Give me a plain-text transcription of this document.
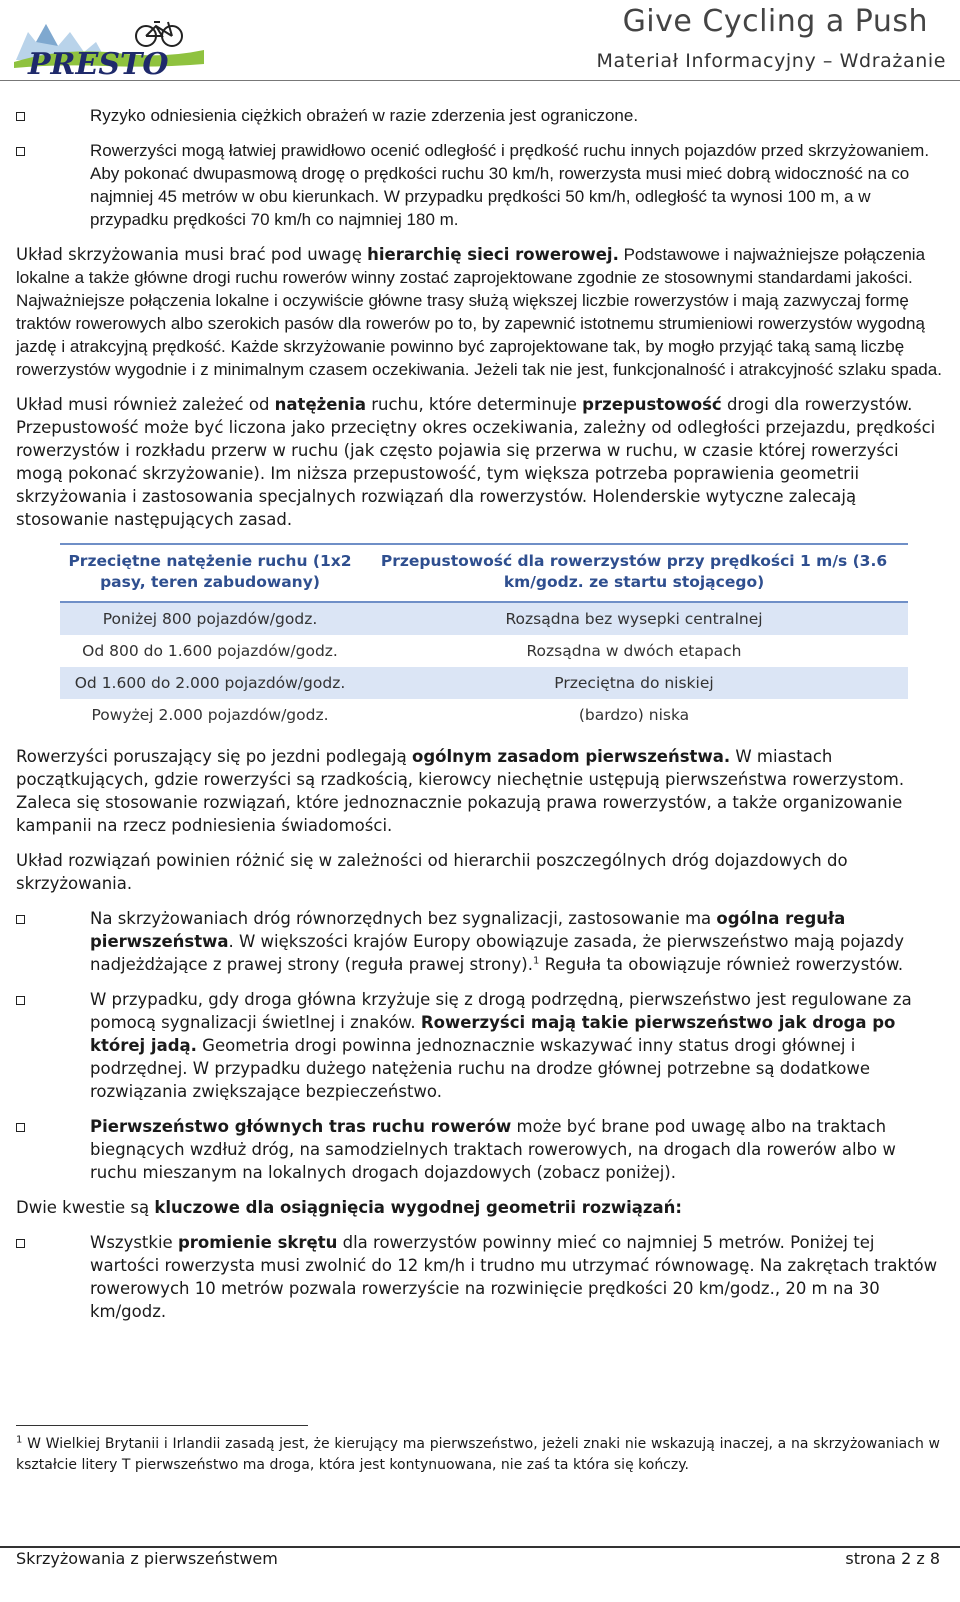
PRESTO
Give Cycling a Push
Materiał Informacyjny – Wdrażanie
Ryzyko odniesienia ciężkich obrażeń w razie zderzenia jest ograniczone.
Rowerzyści mogą łatwiej prawidłowo ocenić odległość i prędkość ruchu innych pojazdów przed skrzyżowaniem. Aby pokonać dwupasmową drogę o prędkości ruchu 30 km/h, rowerzysta musi mieć dobrą widoczność na co najmniej 45 metrów w obu kierunkach. W przypadku prędkości 50 km/h, odległość ta wynosi 100 m, a w przypadku prędkości 70 km/h co najmniej 180 m.

Układ skrzyżowania musi brać pod uwagę hierarchię sieci rowerowej. Podstawowe i najważniejsze połączenia lokalne a także główne drogi ruchu rowerów winny zostać zaprojektowane zgodnie ze stosownymi standardami jakości. Najważniejsze połączenia lokalne i oczywiście główne trasy służą większej liczbie rowerzystów i mają zazwyczaj formę traktów rowerowych albo szerokich pasów dla rowerów po to, by zapewnić istotnemu strumieniowi rowerzystów wygodną jazdę i atrakcyjną prędkość. Każde skrzyżowanie powinno być zaprojektowane tak, by mogło przyjąć taką samą liczbę rowerzystów wygodnie i z minimalnym czasem oczekiwania. Jeżeli tak nie jest, funkcjonalność i atrakcyjność szlaku spada.

Układ musi również zależeć od natężenia ruchu, które determinuje przepustowość drogi dla rowerzystów. Przepustowość może być liczona jako przeciętny okres oczekiwania, zależny od odległości przejazdu, prędkości rowerzystów i rozkładu przerw w ruchu (jak często pojawia się przerwa w ruchu, w czasie której rowerzyści mogą pokonać skrzyżowanie). Im niższa przepustowość, tym większa potrzeba poprawienia geometrii skrzyżowania i zastosowania specjalnych rozwiązań dla rowerzystów. Holenderskie wytyczne zalecają stosowanie następujących zasad.

Przeciętne natężenie ruchu (1x2 pasy, teren zabudowany)	Przepustowość dla rowerzystów przy prędkości 1 m/s (3.6 km/godz. ze startu stojącego)
Poniżej 800 pojazdów/godz.	Rozsądna bez wysepki centralnej
Od 800 do 1.600 pojazdów/godz.	Rozsądna w dwóch etapach
Od 1.600 do 2.000 pojazdów/godz.	Przeciętna do niskiej
Powyżej 2.000 pojazdów/godz.	(bardzo) niska

Rowerzyści poruszający się po jezdni podlegają ogólnym zasadom pierwszeństwa. W miastach początkujących, gdzie rowerzyści są rzadkością, kierowcy niechętnie ustępują pierwszeństwa rowerzystom. Zaleca się stosowanie rozwiązań, które jednoznacznie pokazują prawa rowerzystów, a także organizowanie kampanii na rzecz podniesienia świadomości.

Układ rozwiązań powinien różnić się w zależności od hierarchii poszczególnych dróg dojazdowych do skrzyżowania.

Na skrzyżowaniach dróg równorzędnych bez sygnalizacji, zastosowanie ma ogólna reguła pierwszeństwa. W większości krajów Europy obowiązuje zasada, że pierwszeństwo mają pojazdy nadjeżdżające z prawej strony (reguła prawej strony).$^1$ Reguła ta obowiązuje również rowerzystów.
W przypadku, gdy droga główna krzyżuje się z drogą podrzędną, pierwszeństwo jest regulowane za pomocą sygnalizacji świetlnej i znaków. Rowerzyści mają takie pierwszeństwo jak droga po której jadą. Geometria drogi powinna jednoznacznie wskazywać inny status drogi głównej i podrzędnej. W przypadku dużego natężenia ruchu na drodze głównej potrzebne są dodatkowe rozwiązania zwiększające bezpieczeństwo.
Pierwszeństwo głównych tras ruchu rowerów może być brane pod uwagę albo na traktach biegnących wzdłuż dróg, na samodzielnych traktach rowerowych, na drogach dla rowerów albo w ruchu mieszanym na lokalnych drogach dojazdowych (zobacz poniżej).

Dwie kwestie są kluczowe dla osiągnięcia wygodnej geometrii rozwiązań:

Wszystkie promienie skrętu dla rowerzystów powinny mieć co najmniej 5 metrów. Poniżej tej wartości rowerzysta musi zwolnić do 12 km/h i trudno mu utrzymać równowagę. Na zakrętach traktów rowerowych 10 metrów pozwala rowerzyście na rozwinięcie prędkości 20 km/godz., 20 m na 30 km/godz.
$^1$ W Wielkiej Brytanii i Irlandii zasadą jest, że kierujący ma pierwszeństwo, jeżeli znaki nie wskazują inaczej, a na skrzyżowaniach w kształcie litery T pierwszeństwo ma droga, która jest kontynuowana, nie zaś ta która się kończy.
Skrzyżowania z pierwszeństwem	strona 2 z 8
